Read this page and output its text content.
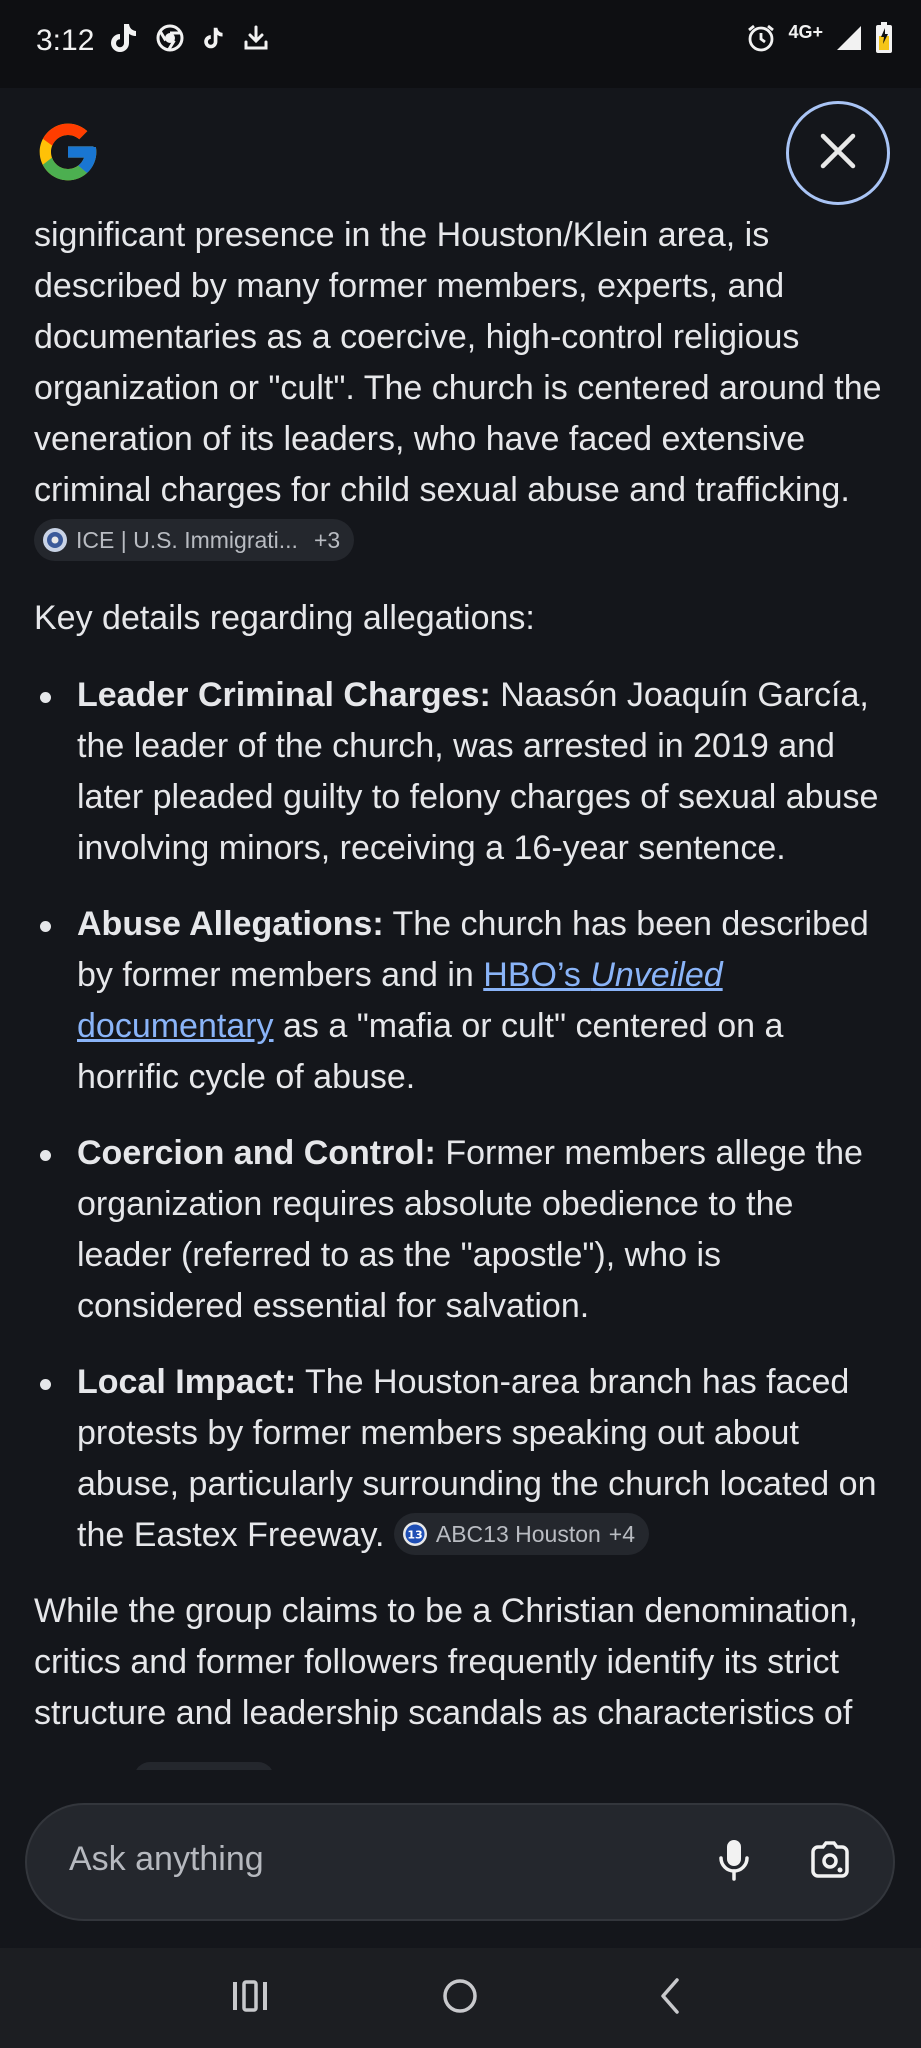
3:12	4G+

significant presence in the Houston/Klein area, is described by many former members, experts, and documentaries as a coercive, high-control religious organization or "cult". The church is centered around the veneration of its leaders, who have faced extensive criminal charges for child sexual abuse and trafficking.
ICE | U.S. Immigrati... +3

Key details regarding allegations:

Leader Criminal Charges: Naasón Joaquín García, the leader of the church, was arrested in 2019 and later pleaded guilty to felony charges of sexual abuse involving minors, receiving a 16-year sentence.
Abuse Allegations: The church has been described by former members and in HBO’s Unveiled documentary as a "mafia or cult" centered on a horrific cycle of abuse.
Coercion and Control: Former members allege the organization requires absolute obedience to the leader (referred to as the "apostle"), who is considered essential for salvation.
Local Impact: The Houston-area branch has faced protests by former members speaking out about abuse, particularly surrounding the church located on the Eastex Freeway. 13 ABC13 Houston +4

While the group claims to be a Christian denomination, critics and former followers frequently identify its strict structure and leadership scandals as characteristics of

Ask anything
